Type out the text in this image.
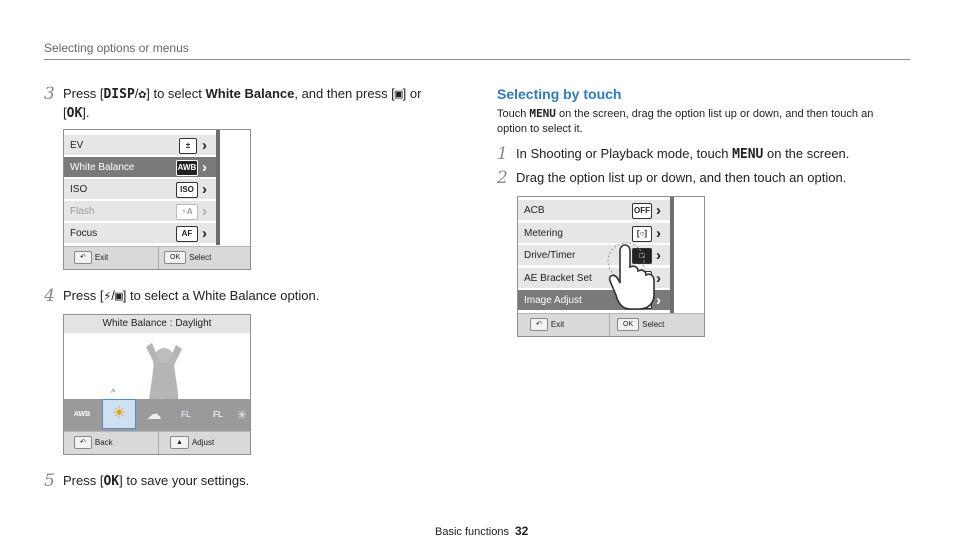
Selecting options or menus
3 Press [DISP/✿] to select White Balance, and then press [▣] or
[OK].
EV	± ›
White Balance	AWB ›
ISO	ISO ›
Flash	⚡A ›
Focus	AF ›
↶ Exit	OK Select
4 Press [⚡/▣] to select a White Balance option.
White Balance : Daylight
AWB	☀
^
☁	FL	FL	✳
↶ Back	▲ Adjust
5 Press [OK] to save your settings.
Selecting by touch
Touch MENU on the screen, drag the option list up or down, and then touch an
option to select it.
1 In Shooting or Playback mode, touch MENU on the screen.
2 Drag the option list up or down, and then touch an option.
ACB	OFF ›
Metering	[○] ›
Drive/Timer	□ ›
AE Bracket Set	›
Image Adjust	›
↶ Exit	OK Select
Basic functions 32
